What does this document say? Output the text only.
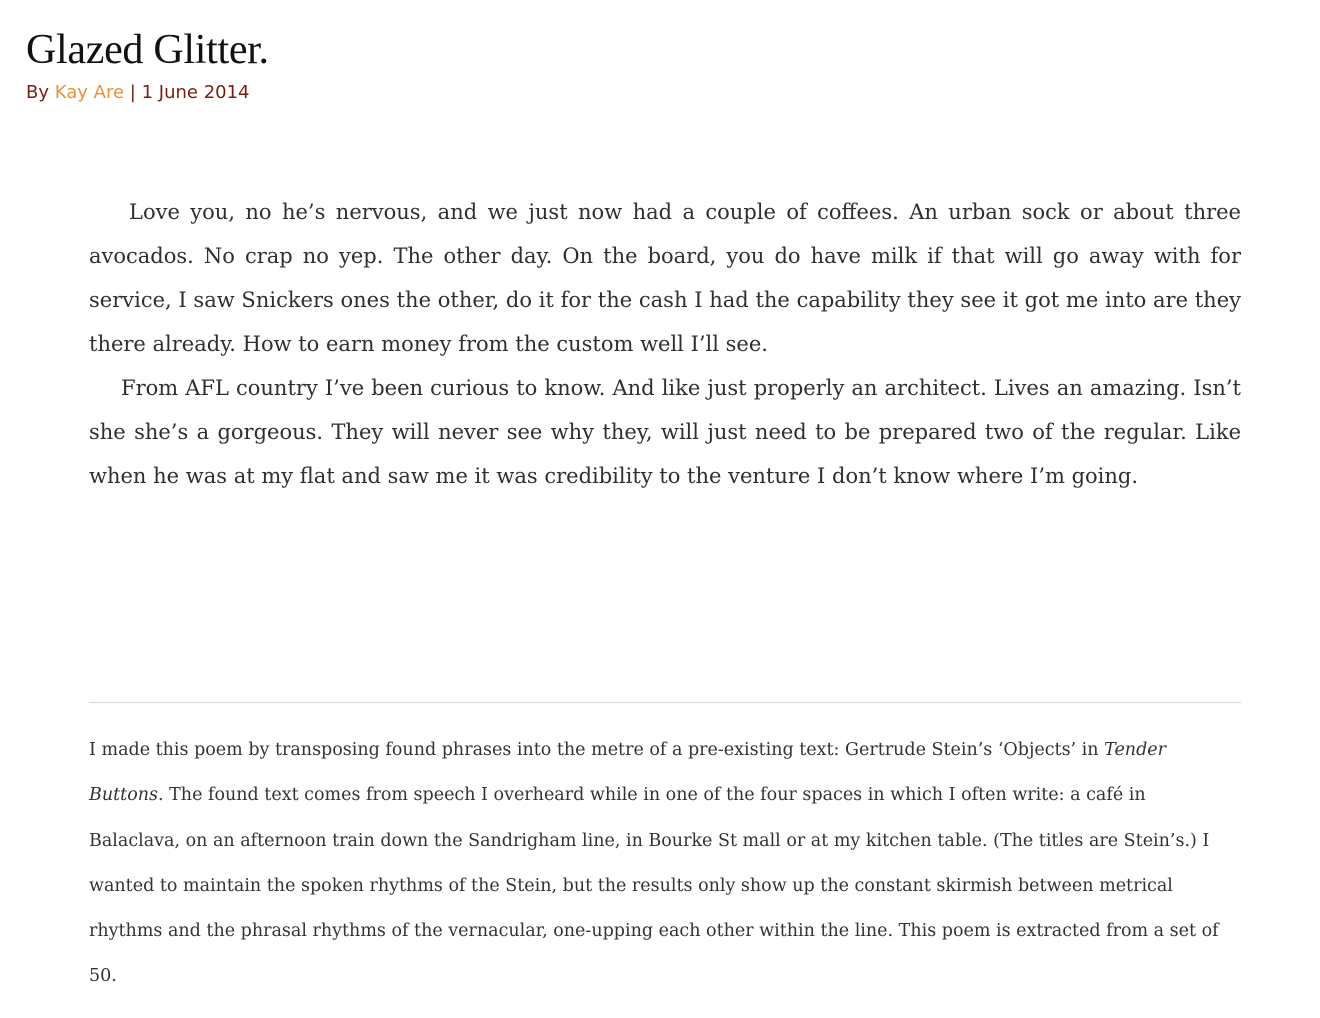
Glazed Glitter.
By Kay Are | 1 June 2014

Love you, no he’s nervous, and we just now had a couple of coffees. An urban sock or about three avocados. No crap no yep. The other day. On the board, you do have milk if that will go away with for service, I saw Snickers ones the other, do it for the cash I had the capability they see it got me into are they there already. How to earn money from the custom well I’ll see.

From AFL country I’ve been curious to know. And like just properly an architect. Lives an amazing. Isn’t she she’s a gorgeous. They will never see why they, will just need to be prepared two of the regular. Like when he was at my flat and saw me it was credibility to the venture I don’t know where I’m going.

I made this poem by transposing found phrases into the metre of a pre-existing text: Gertrude Stein’s ‘Objects’ in Tender Buttons. The found text comes from speech I overheard while in one of the four spaces in which I often write: a café in Balaclava, on an afternoon train down the Sandrigham line, in Bourke St mall or at my kitchen table. (The titles are Stein’s.) I wanted to maintain the spoken rhythms of the Stein, but the results only show up the constant skirmish between metrical rhythms and the phrasal rhythms of the vernacular, one-upping each other within the line. This poem is extracted from a set of 50.
